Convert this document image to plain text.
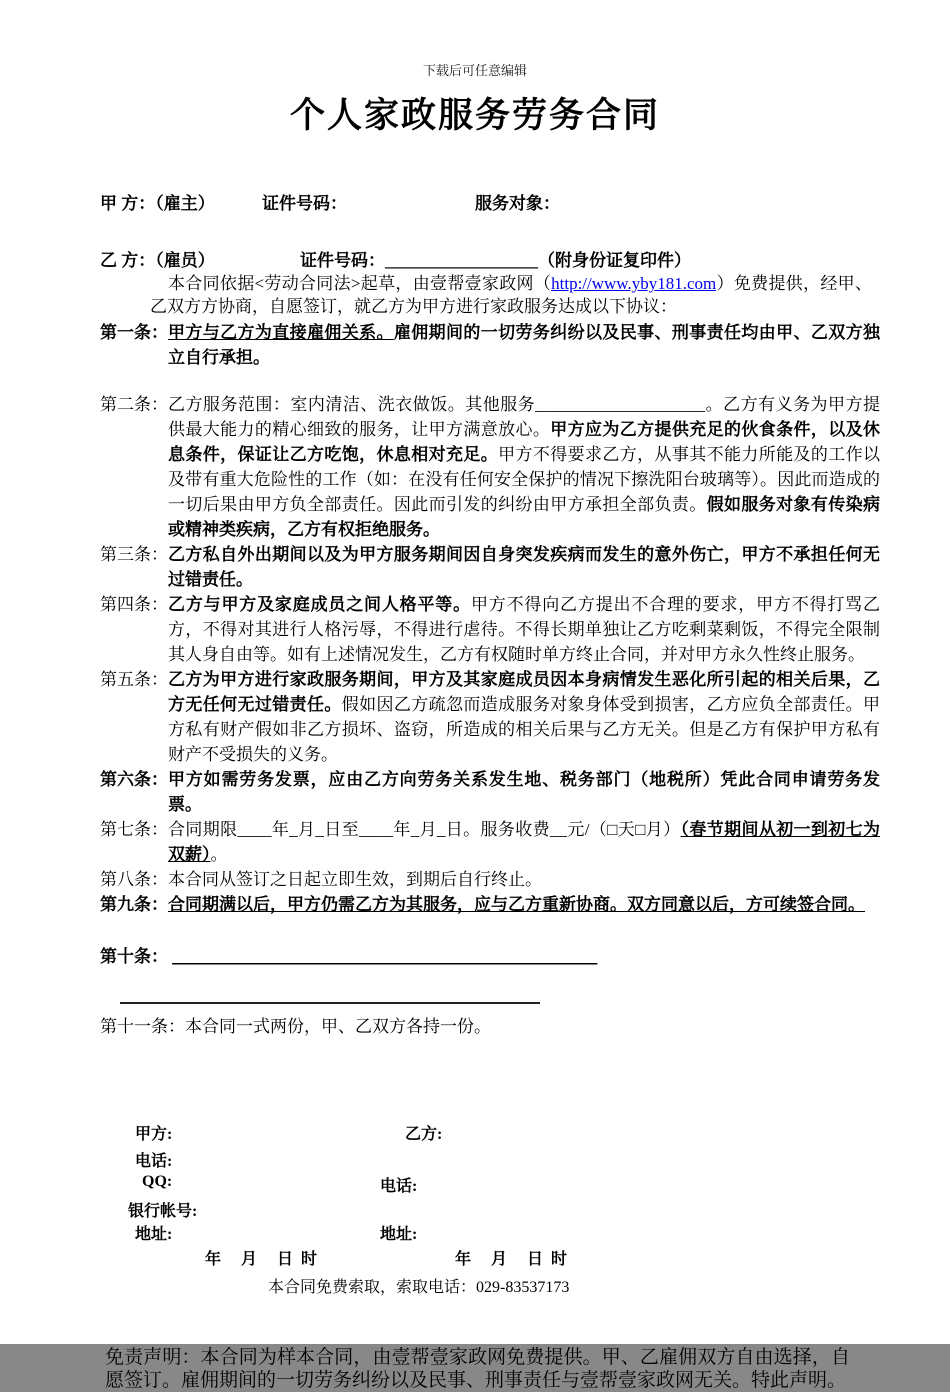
下载后可任意编辑
个人家政服务劳务合同
甲 方：（雇主）	证件号码：	服务对象：
乙 方：（雇员）	证件号码：__________________（附身份证复印件）
本合同依据<劳动合同法>起草，由壹帮壹家政网（http://www.yby181.com）免费提供，经甲、乙双方方协商，自愿签订，就乙方为甲方进行家政服务达成以下协议：
第一条： 甲方与乙方为直接雇佣关系。雇佣期间的一切劳务纠纷以及民事、刑事责任均由甲、乙双方独立自行承担。
第二条： 乙方服务范围：室内清洁、洗衣做饭。其他服务____________________。乙方有义务为甲方提供最大能力的精心细致的服务，让甲方满意放心。甲方应为乙方提供充足的伙食条件，以及休息条件，保证让乙方吃饱，休息相对充足。甲方不得要求乙方，从事其不能力所能及的工作以及带有重大危险性的工作（如：在没有任何安全保护的情况下擦洗阳台玻璃等）。因此而造成的一切后果由甲方负全部责任。因此而引发的纠纷由甲方承担全部负责。假如服务对象有传染病或精神类疾病，乙方有权拒绝服务。
第三条： 乙方私自外出期间以及为甲方服务期间因自身突发疾病而发生的意外伤亡，甲方不承担任何无过错责任。
第四条： 乙方与甲方及家庭成员之间人格平等。甲方不得向乙方提出不合理的要求，甲方不得打骂乙方，不得对其进行人格污辱，不得进行虐待。不得长期单独让乙方吃剩菜剩饭，不得完全限制其人身自由等。如有上述情况发生，乙方有权随时单方终止合同，并对甲方永久性终止服务。
第五条： 乙方为甲方进行家政服务期间，甲方及其家庭成员因本身病情发生恶化所引起的相关后果，乙方无任何无过错责任。假如因乙方疏忽而造成服务对象身体受到损害，乙方应负全部责任。甲方私有财产假如非乙方损坏、盗窃，所造成的相关后果与乙方无关。但是乙方有保护甲方私有财产不受损失的义务。
第六条： 甲方如需劳务发票，应由乙方向劳务关系发生地、税务部门（地税所）凭此合同申请劳务发票。
第七条： 合同期限____年_月_日至____年_月_日。服务收费__元/（□天□月）（春节期间从初一到初七为双薪）。
第八条： 本合同从签订之日起立即生效，到期后自行终止。
第九条： 合同期满以后，甲方仍需乙方为其服务，应与乙方重新协商。双方同意以后，方可续签合同。
第十条： __________________________________________________
第十一条：本合同一式两份，甲、乙双方各持一份。
甲方:	乙方:
电话:
QQ:	电话:
银行帐号:
地址:	地址:
年　月　日 时	年　月　日 时
本合同免费索取，索取电话：029-83537173
免责声明：本合同为样本合同，由壹帮壹家政网免费提供。甲、乙雇佣双方自由选择，自愿签订。雇佣期间的一切劳务纠纷以及民事、刑事责任与壹帮壹家政网无关。特此声明。
